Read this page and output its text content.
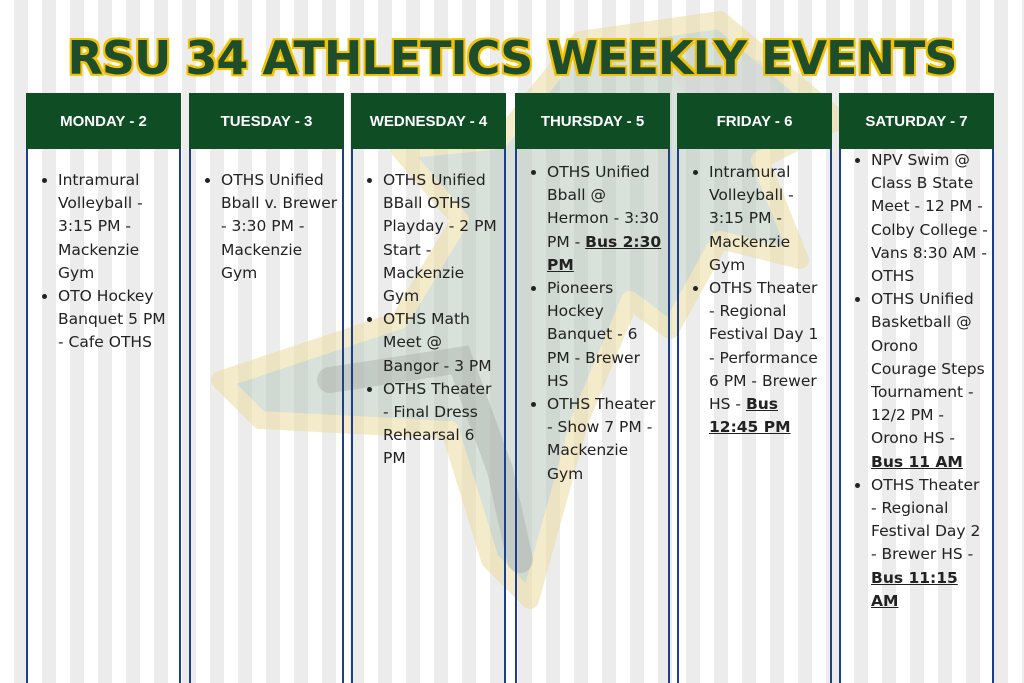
RSU 34 ATHLETICS WEEKLY EVENTS
MONDAY - 2
• Intramural Volleyball - 3:15 PM - Mackenzie Gym
• OTO Hockey Banquet 5 PM - Cafe OTHS
TUESDAY - 3
• OTHS Unified Bball v. Brewer - 3:30 PM - Mackenzie Gym
WEDNESDAY - 4
• OTHS Unified BBall OTHS Playday - 2 PM Start - Mackenzie Gym
• OTHS Math Meet @ Bangor - 3 PM
• OTHS Theater - Final Dress Rehearsal 6 PM
THURSDAY - 5
• OTHS Unified Bball @ Hermon - 3:30 PM - Bus 2:30 PM
• Pioneers Hockey Banquet - 6 PM - Brewer HS
• OTHS Theater - Show 7 PM - Mackenzie Gym
FRIDAY - 6
• Intramural Volleyball - 3:15 PM - Mackenzie Gym
• OTHS Theater - Regional Festival Day 1 - Performance 6 PM - Brewer HS - Bus 12:45 PM
SATURDAY - 7
• NPV Swim @ Class B State Meet - 12 PM - Colby College - Vans 8:30 AM - OTHS
• OTHS Unified Basketball @ Orono Courage Steps Tournament - 12/2 PM - Orono HS - Bus 11 AM
• OTHS Theater - Regional Festival Day 2 - Brewer HS - Bus 11:15 AM
